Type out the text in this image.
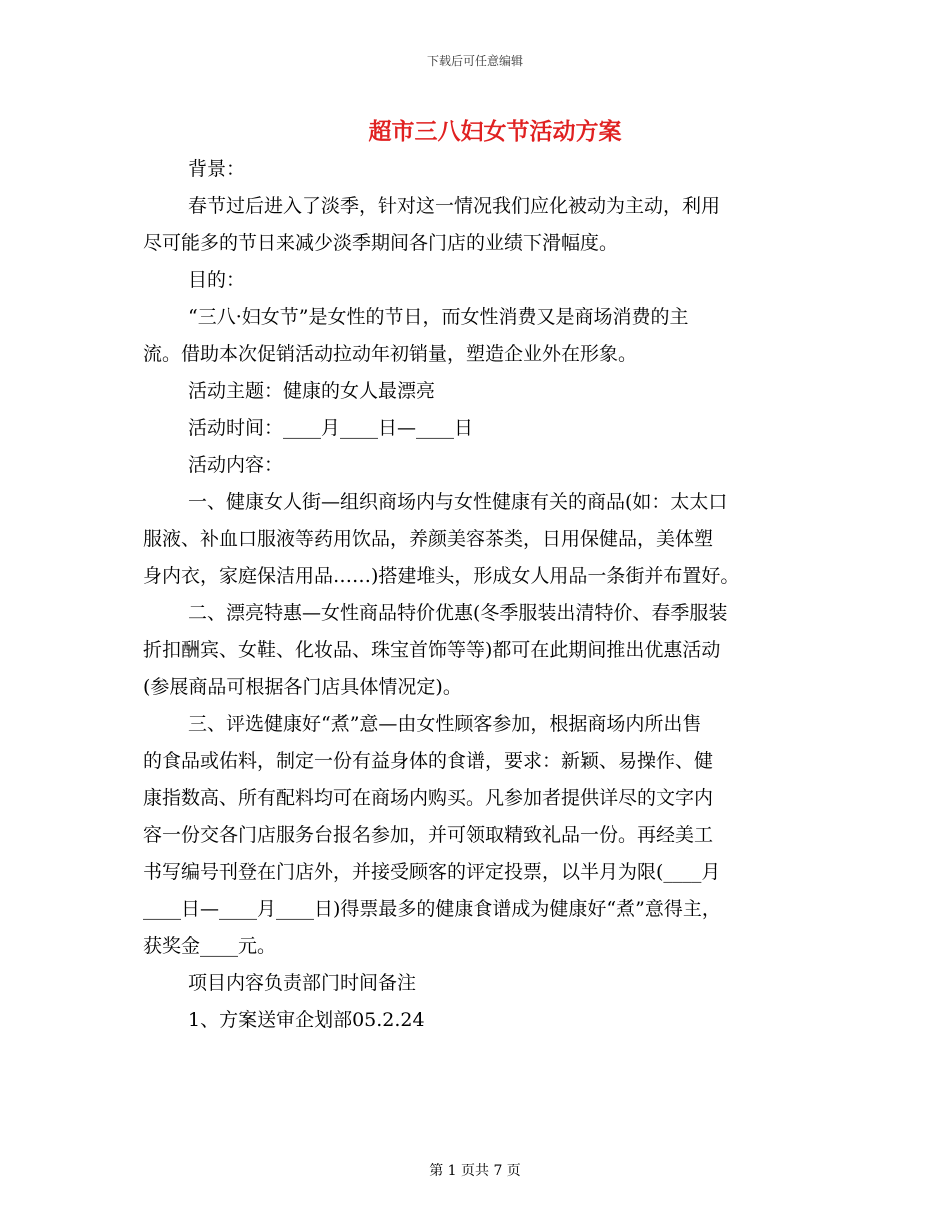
下载后可任意编辑
超市三八妇女节活动方案
背景：
春节过后进入了淡季，针对这一情况我们应化被动为主动，利用
尽可能多的节日来减少淡季期间各门店的业绩下滑幅度。
目的：
“三八·妇女节”是女性的节日，而女性消费又是商场消费的主
流。借助本次促销活动拉动年初销量，塑造企业外在形象。
活动主题：健康的女人最漂亮
活动时间：____月____日—____日
活动内容：
一、健康女人街—组织商场内与女性健康有关的商品(如：太太口
服液、补血口服液等药用饮品，养颜美容茶类，日用保健品，美体塑
身内衣，家庭保洁用品……)搭建堆头，形成女人用品一条街并布置好。
二、漂亮特惠—女性商品特价优惠(冬季服装出清特价、春季服装
折扣酬宾、女鞋、化妆品、珠宝首饰等等)都可在此期间推出优惠活动
(参展商品可根据各门店具体情况定)。
三、评选健康好“煮”意—由女性顾客参加，根据商场内所出售
的食品或佑料，制定一份有益身体的食谱，要求：新颖、易操作、健
康指数高、所有配料均可在商场内购买。凡参加者提供详尽的文字内
容一份交各门店服务台报名参加，并可领取精致礼品一份。再经美工
书写编号刊登在门店外，并接受顾客的评定投票，以半月为限(____月
____日—____月____日)得票最多的健康食谱成为健康好“煮”意得主，
获奖金____元。
项目内容负责部门时间备注
1、方案送审企划部05.2.24
第 1 页共 7 页
